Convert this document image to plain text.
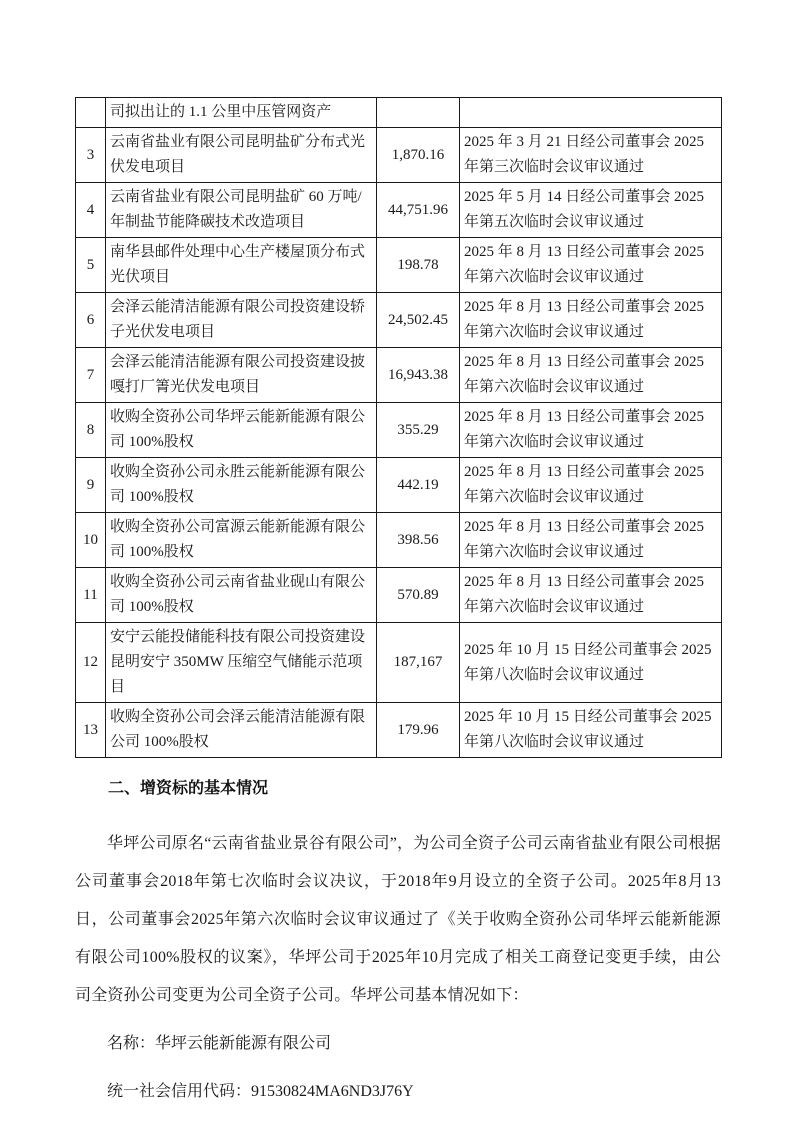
	司拟出让的 1.1 公里中压管网资产		
3	云南省盐业有限公司昆明盐矿分布式光伏发电项目	1,870.16	2025 年 3 月 21 日经公司董事会 2025 年第三次临时会议审议通过
4	云南省盐业有限公司昆明盐矿 60 万吨/年制盐节能降碳技术改造项目	44,751.96	2025 年 5 月 14 日经公司董事会 2025 年第五次临时会议审议通过
5	南华县邮件处理中心生产楼屋顶分布式光伏项目	198.78	2025 年 8 月 13 日经公司董事会 2025 年第六次临时会议审议通过
6	会泽云能清洁能源有限公司投资建设轿子光伏发电项目	24,502.45	2025 年 8 月 13 日经公司董事会 2025 年第六次临时会议审议通过
7	会泽云能清洁能源有限公司投资建设披嘎打厂箐光伏发电项目	16,943.38	2025 年 8 月 13 日经公司董事会 2025 年第六次临时会议审议通过
8	收购全资孙公司华坪云能新能源有限公司 100%股权	355.29	2025 年 8 月 13 日经公司董事会 2025 年第六次临时会议审议通过
9	收购全资孙公司永胜云能新能源有限公司 100%股权	442.19	2025 年 8 月 13 日经公司董事会 2025 年第六次临时会议审议通过
10	收购全资孙公司富源云能新能源有限公司 100%股权	398.56	2025 年 8 月 13 日经公司董事会 2025 年第六次临时会议审议通过
11	收购全资孙公司云南省盐业砚山有限公司 100%股权	570.89	2025 年 8 月 13 日经公司董事会 2025 年第六次临时会议审议通过
12	安宁云能投储能科技有限公司投资建设昆明安宁 350MW 压缩空气储能示范项目	187,167	2025 年 10 月 15 日经公司董事会 2025 年第八次临时会议审议通过
13	收购全资孙公司会泽云能清洁能源有限公司 100%股权	179.96	2025 年 10 月 15 日经公司董事会 2025 年第八次临时会议审议通过
二、增资标的基本情况

华坪公司原名“云南省盐业景谷有限公司”，为公司全资子公司云南省盐业有限公司根据公司董事会2018年第七次临时会议决议，于2018年9月设立的全资子公司。2025年8月13日，公司董事会2025年第六次临时会议审议通过了《关于收购全资孙公司华坪云能新能源有限公司100%股权的议案》，华坪公司于2025年10月完成了相关工商登记变更手续，由公司全资孙公司变更为公司全资子公司。华坪公司基本情况如下：

名称：华坪云能新能源有限公司

统一社会信用代码：91530824MA6ND3J76Y
